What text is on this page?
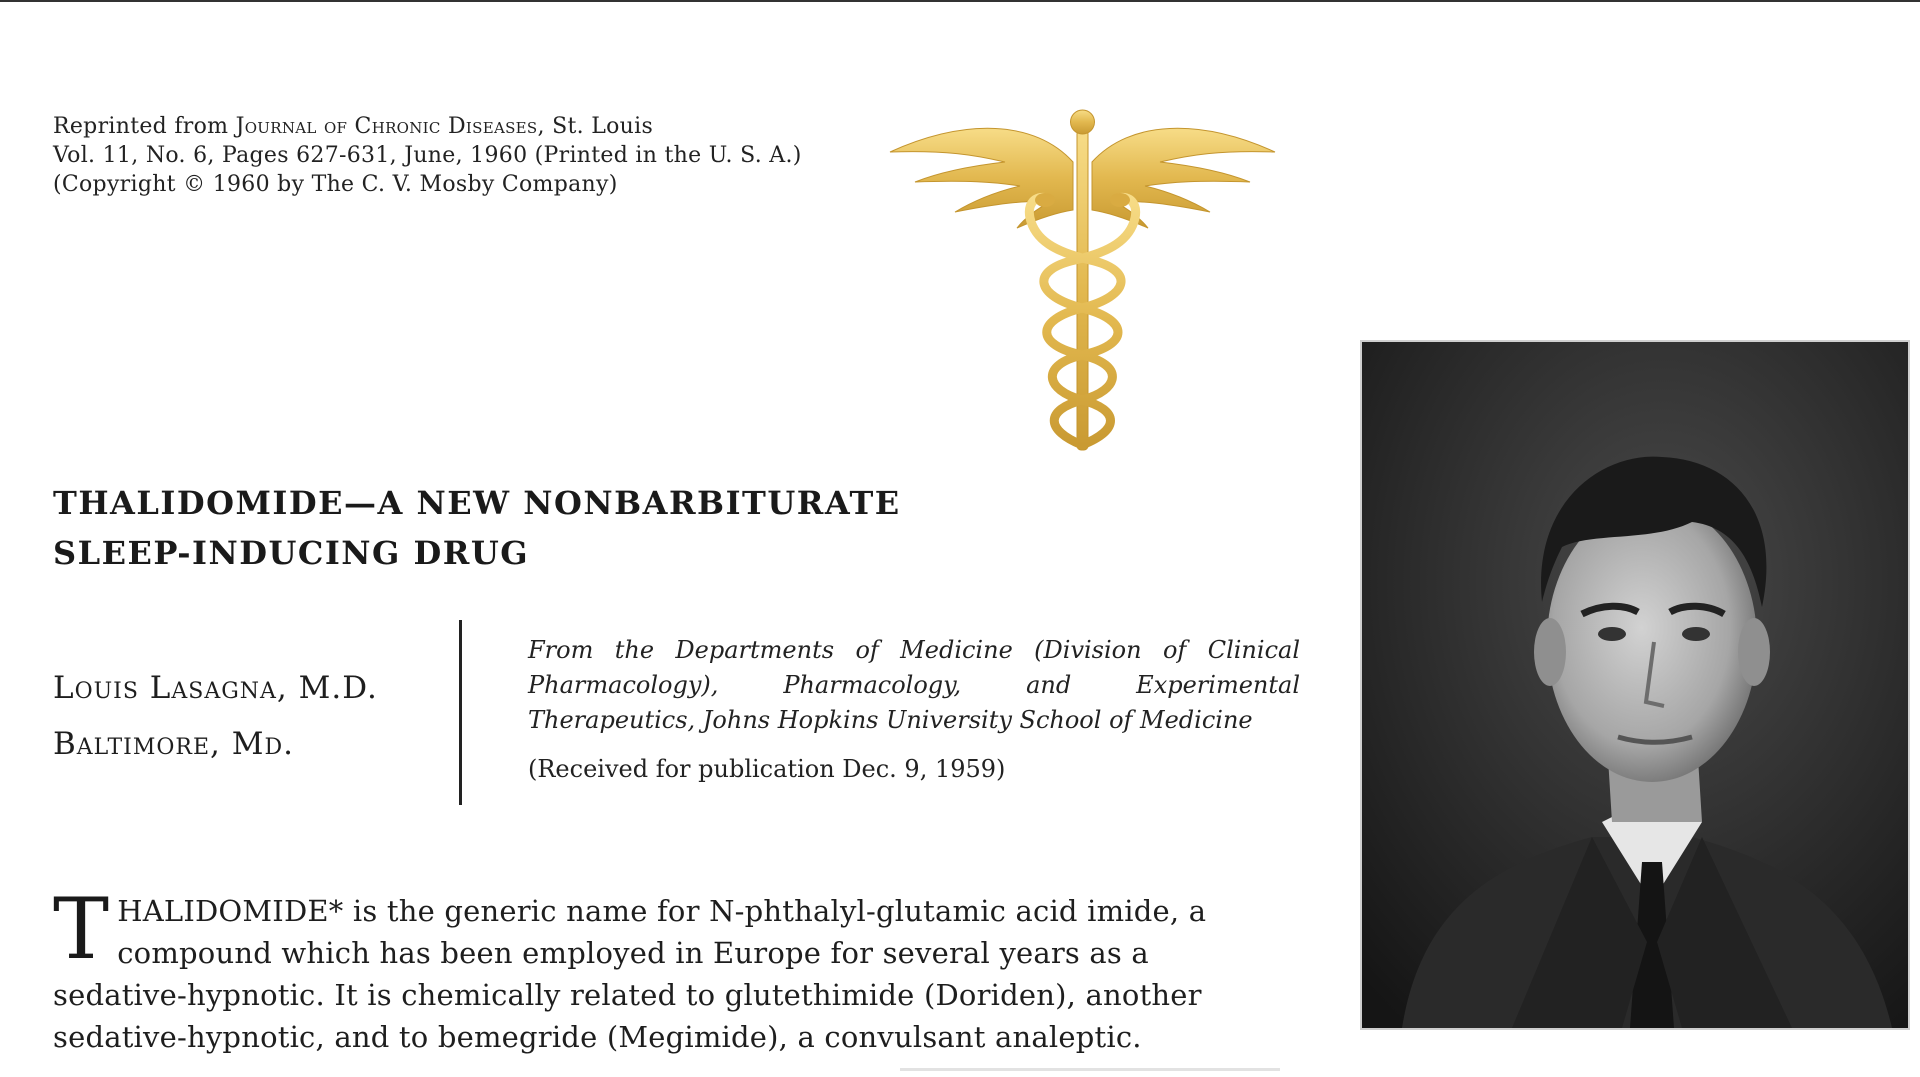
Reprinted from Journal of Chronic Diseases, St. Louis
Vol. 11, No. 6, Pages 627-631, June, 1960 (Printed in the U. S. A.)
(Copyright © 1960 by The C. V. Mosby Company)
THALIDOMIDE—A NEW NONBARBITURATE
SLEEP-INDUCING DRUG
Louis Lasagna, M.D.
Baltimore, Md.
From the Departments of Medicine (Division of Clinical Pharmacology), Pharmacology, and Experimental Therapeutics, Johns Hopkins University School of Medicine
(Received for publication Dec. 9, 1959)
T HALIDOMIDE* is the generic name for N-phthalyl-glutamic acid imide, a
compound which has been employed in Europe for several years as a
sedative-hypnotic. It is chemically related to glutethimide (Doriden), another
sedative-hypnotic, and to bemegride (Megimide), a convulsant analeptic.
